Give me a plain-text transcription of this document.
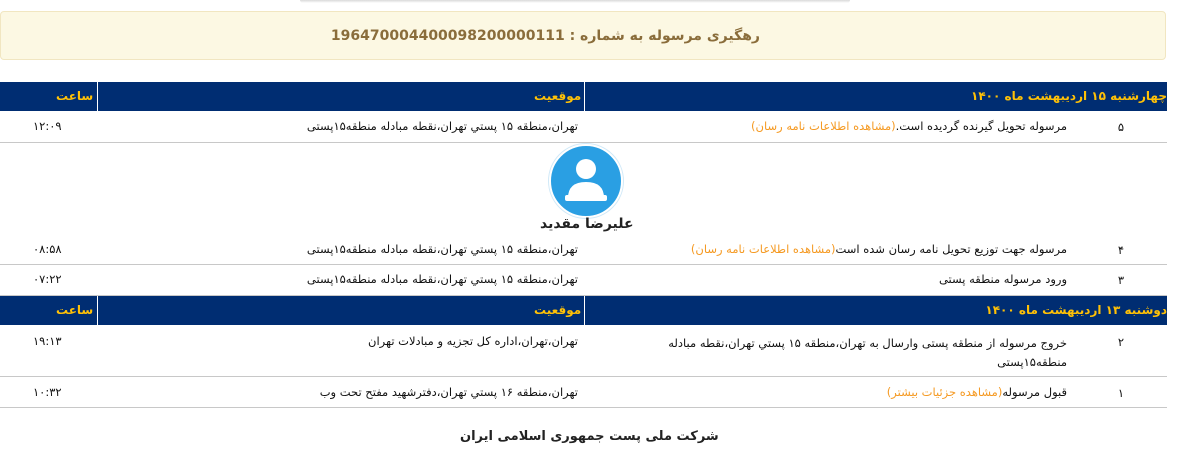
رهگیری مرسوله به شماره : 196470004400098200000111
چهارشنبه ۱۵ اردیبهشت ماه ۱۴۰۰
موقعیت
ساعت
۵
مرسوله تحویل گیرنده گردیده است.(مشاهده اطلاعات نامه رسان)
تهران،منطقه ۱۵ پستي تهران،نقطه مبادله منطقه۱۵پستی
۱۲:۰۹
۴
مرسوله جهت توزیع تحویل نامه رسان شده است(مشاهده اطلاعات نامه رسان)
تهران،منطقه ۱۵ پستي تهران،نقطه مبادله منطقه۱۵پستی
۰۸:۵۸
۳
ورود مرسوله منطقه پستی
تهران،منطقه ۱۵ پستي تهران،نقطه مبادله منطقه۱۵پستی
۰۷:۲۲
دوشنبه ۱۳ اردیبهشت ماه ۱۴۰۰
موقعیت
ساعت
۲
خروج مرسوله از منطقه پستی وارسال به تهران،منطقه ۱۵ پستي تهران،نقطه مبادله منطقه۱۵پستی
تهران،تهران،اداره کل تجزیه و مبادلات تهران
۱۹:۱۳
۱
قبول مرسوله(مشاهده جزئیات بیشتر)
تهران،منطقه ۱۶ پستي تهران،دفترشهید مفتح تحت وب
۱۰:۳۲
علیرضا مقدید
شرکت ملی پست جمهوری اسلامی ایران
